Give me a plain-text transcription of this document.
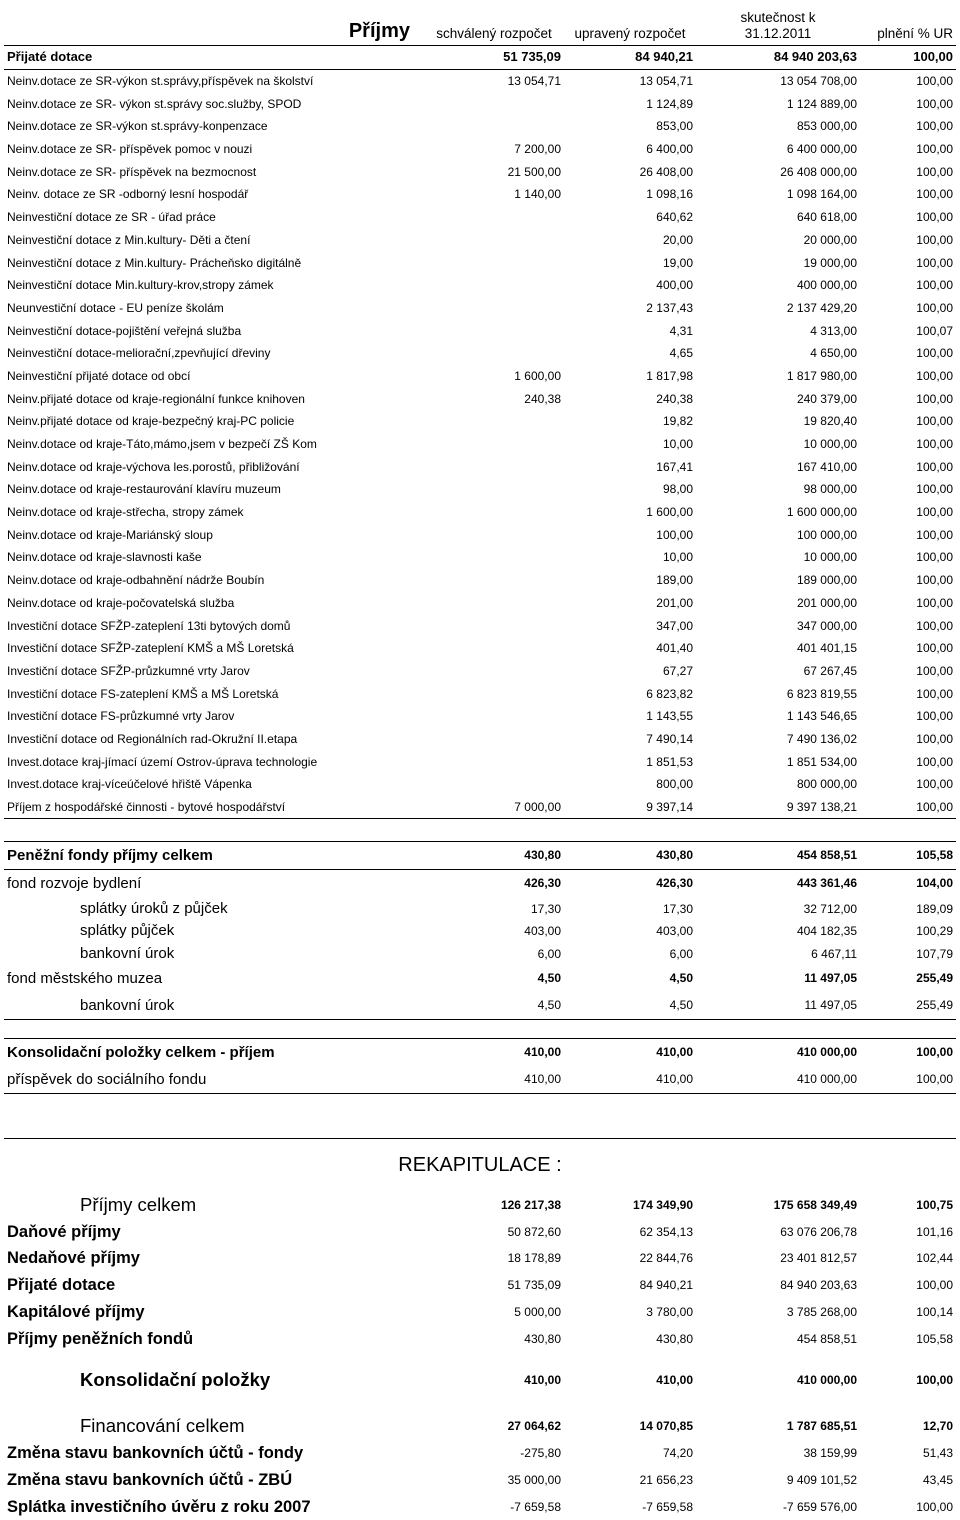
Příjmy	schválený rozpočet	upravený rozpočet	skutečnost k
31.12.2011	plnění % UR
Přijaté dotace	51 735,09	84 940,21	84 940 203,63	100,00
Neinv.dotace ze SR-výkon st.správy,příspěvek na školství	13 054,71	13 054,71	13 054 708,00	100,00
Neinv.dotace ze SR- výkon st.správy soc.služby, SPOD		1 124,89	1 124 889,00	100,00
Neinv.dotace ze SR-výkon st.správy-konpenzace		853,00	853 000,00	100,00
Neinv.dotace ze SR- příspěvek pomoc v nouzi	7 200,00	6 400,00	6 400 000,00	100,00
Neinv.dotace ze SR- příspěvek na bezmocnost	21 500,00	26 408,00	26 408 000,00	100,00
Neinv. dotace ze SR -odborný lesní hospodář	1 140,00	1 098,16	1 098 164,00	100,00
Neinvestiční dotace ze SR - úřad práce		640,62	640 618,00	100,00
Neinvestiční dotace z Min.kultury- Děti a čtení		20,00	20 000,00	100,00
Neinvestiční dotace z Min.kultury- Prácheňsko digitálně		19,00	19 000,00	100,00
Neinvestiční dotace Min.kultury-krov,stropy zámek		400,00	400 000,00	100,00
Neunvestiční dotace - EU peníze školám		2 137,43	2 137 429,20	100,00
Neinvestiční dotace-pojištění veřejná služba		4,31	4 313,00	100,07
Neinvestiční dotace-meliorační,zpevňující dřeviny		4,65	4 650,00	100,00
Neinvestiční přijaté dotace od obcí	1 600,00	1 817,98	1 817 980,00	100,00
Neinv.přijaté dotace od kraje-regionální funkce knihoven	240,38	240,38	240 379,00	100,00
Neinv.přijaté dotace od kraje-bezpečný kraj-PC policie		19,82	19 820,40	100,00
Neinv.dotace od kraje-Táto,mámo,jsem v bezpečí ZŠ Kom		10,00	10 000,00	100,00
Neinv.dotace od kraje-výchova les.porostů, přibližování		167,41	167 410,00	100,00
Neinv.dotace od kraje-restaurování klavíru muzeum		98,00	98 000,00	100,00
Neinv.dotace od kraje-střecha, stropy zámek		1 600,00	1 600 000,00	100,00
Neinv.dotace od kraje-Mariánský sloup		100,00	100 000,00	100,00
Neinv.dotace od kraje-slavnosti kaše		10,00	10 000,00	100,00
Neinv.dotace od kraje-odbahnění nádrže Boubín		189,00	189 000,00	100,00
Neinv.dotace od kraje-počovatelská služba		201,00	201 000,00	100,00
Investiční dotace SFŽP-zateplení 13ti bytových domů		347,00	347 000,00	100,00
Investiční dotace SFŽP-zateplení KMŠ a MŠ Loretská		401,40	401 401,15	100,00
Investiční dotace SFŽP-průzkumné vrty Jarov		67,27	67 267,45	100,00
Investiční dotace FS-zateplení KMŠ a MŠ Loretská		6 823,82	6 823 819,55	100,00
Investiční dotace FS-průzkumné vrty Jarov		1 143,55	1 143 546,65	100,00
Investiční dotace od Regionálních rad-Okružní II.etapa		7 490,14	7 490 136,02	100,00
Invest.dotace kraj-jímací území Ostrov-úprava technologie		1 851,53	1 851 534,00	100,00
Invest.dotace kraj-víceúčelové hřiště Vápenka		800,00	800 000,00	100,00
Příjem z hospodářské činnosti - bytové hospodářství	7 000,00	9 397,14	9 397 138,21	100,00

Peněžní fondy příjmy celkem	430,80	430,80	454 858,51	105,58
fond rozvoje bydlení	426,30	426,30	443 361,46	104,00
splátky úroků z půjček	17,30	17,30	32 712,00	189,09
splátky půjček	403,00	403,00	404 182,35	100,29
bankovní úrok	6,00	6,00	6 467,11	107,79
fond městského muzea	4,50	4,50	11 497,05	255,49
bankovní úrok	4,50	4,50	11 497,05	255,49

Konsolidační položky celkem - příjem	410,00	410,00	410 000,00	100,00
příspěvek do sociálního fondu	410,00	410,00	410 000,00	100,00

REKAPITULACE :				
Příjmy celkem	126 217,38	174 349,90	175 658 349,49	100,75
Daňové příjmy	50 872,60	62 354,13	63 076 206,78	101,16
Nedaňové příjmy	18 178,89	22 844,76	23 401 812,57	102,44
Přijaté dotace	51 735,09	84 940,21	84 940 203,63	100,00
Kapitálové příjmy	5 000,00	3 780,00	3 785 268,00	100,14
Příjmy peněžních fondů	430,80	430,80	454 858,51	105,58

Konsolidační položky	410,00	410,00	410 000,00	100,00

Financování celkem	27 064,62	14 070,85	1 787 685,51	12,70
Změna stavu bankovních účtů - fondy	-275,80	74,20	38 159,99	51,43
Změna stavu bankovních účtů - ZBÚ	35 000,00	21 656,23	9 409 101,52	43,45
Splátka investičního úvěru z roku 2007	-7 659,58	-7 659,58	-7 659 576,00	100,00
